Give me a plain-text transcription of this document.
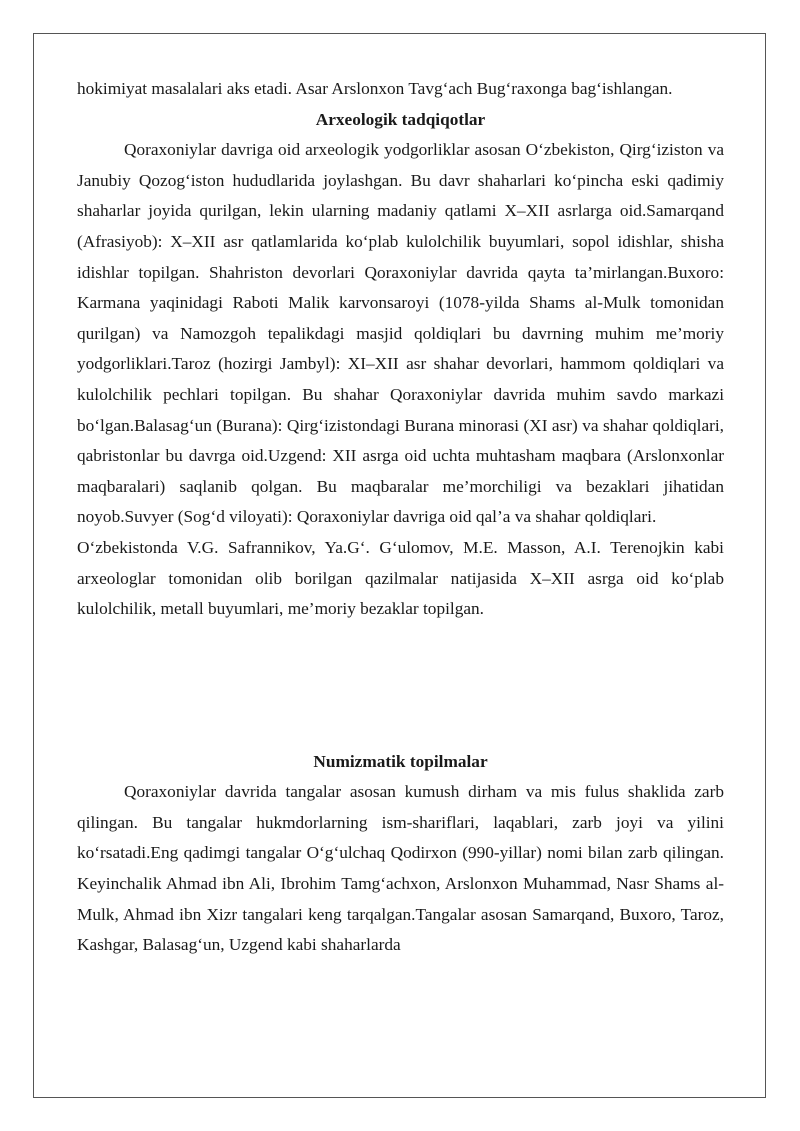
hokimiyat masalalari aks etadi. Asar Arslonxon Tavg‘ach Bug‘raxonga bag‘ishlangan.

Arxeologik tadqiqotlar

Qoraxoniylar davriga oid arxeologik yodgorliklar asosan O‘zbekiston, Qirg‘iziston va Janubiy Qozog‘iston hududlarida joylashgan. Bu davr shaharlari ko‘pincha eski qadimiy shaharlar joyida qurilgan, lekin ularning madaniy qatlami X–XII asrlarga oid.Samarqand (Afrasiyob): X–XII asr qatlamlarida ko‘plab kulolchilik buyumlari, sopol idishlar, shisha idishlar topilgan. Shahriston devorlari Qoraxoniylar davrida qayta ta’mirlangan.Buxoro: Karmana yaqinidagi Raboti Malik karvonsaroyi (1078-yilda Shams al-Mulk tomonidan qurilgan) va Namozgoh tepalikdagi masjid qoldiqlari bu davrning muhim me’moriy yodgorliklari.Taroz (hozirgi Jambyl): XI–XII asr shahar devorlari, hammom qoldiqlari va kulolchilik pechlari topilgan. Bu shahar Qoraxoniylar davrida muhim savdo markazi bo‘lgan.Balasag‘un (Burana): Qirg‘izistondagi Burana minorasi (XI asr) va shahar qoldiqlari, qabristonlar bu davrga oid.Uzgend: XII asrga oid uchta muhtasham maqbara (Arslonxonlar maqbaralari) saqlanib qolgan. Bu maqbaralar me’morchiligi va bezaklari jihatidan noyob.Suvyer (Sog‘d viloyati): Qoraxoniylar davriga oid qal’a va shahar qoldiqlari.

O‘zbekistonda V.G. Safrannikov, Ya.G‘. G‘ulomov, M.E. Masson, A.I. Terenojkin kabi arxeologlar tomonidan olib borilgan qazilmalar natijasida X–XII asrga oid ko‘plab kulolchilik, metall buyumlari, me’moriy bezaklar topilgan.

Numizmatik topilmalar

Qoraxoniylar davrida tangalar asosan kumush dirham va mis fulus shaklida zarb qilingan. Bu tangalar hukmdorlarning ism-shariflari, laqablari, zarb joyi va yilini ko‘rsatadi.Eng qadimgi tangalar O‘g‘ulchaq Qodirxon (990-yillar) nomi bilan zarb qilingan. Keyinchalik Ahmad ibn Ali, Ibrohim Tamg‘achxon, Arslonxon Muhammad, Nasr Shams al-Mulk, Ahmad ibn Xizr tangalari keng tarqalgan.Tangalar asosan Samarqand, Buxoro, Taroz, Kashgar, Balasag‘un, Uzgend kabi shaharlarda
